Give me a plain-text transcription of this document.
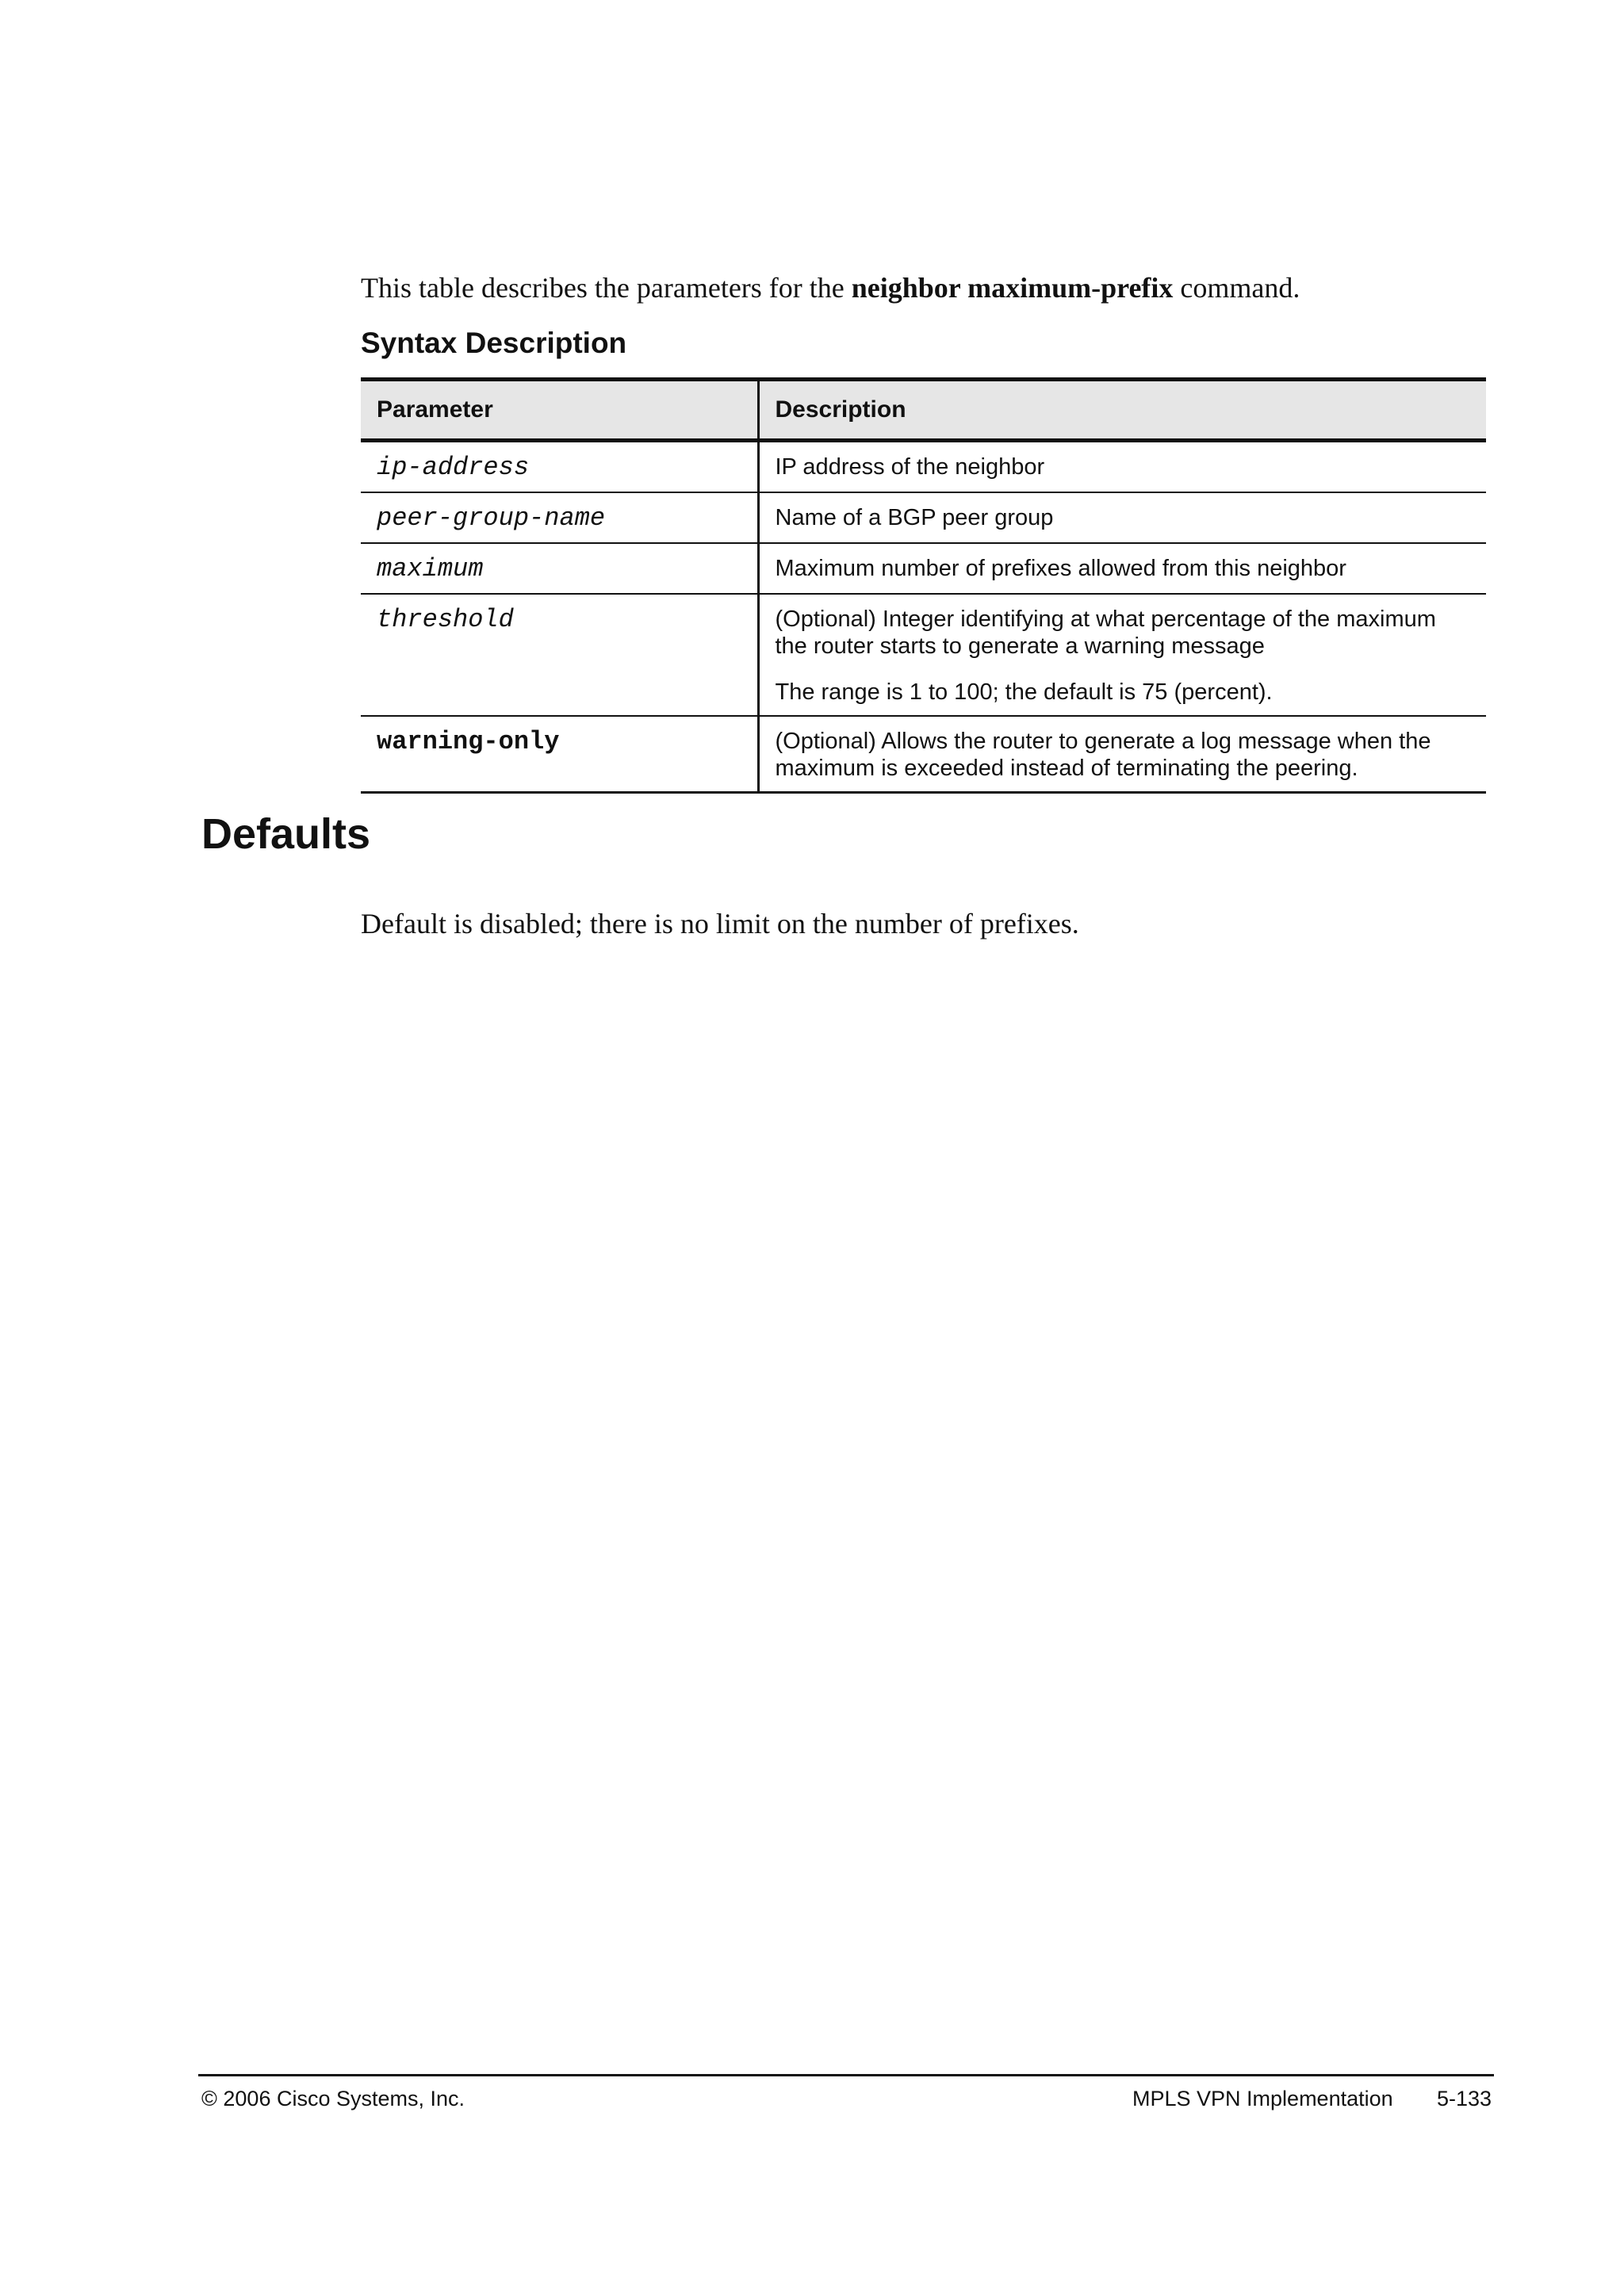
This table describes the parameters for the neighbor maximum-prefix command.

Syntax Description
Parameter	Description
ip-address	IP address of the neighbor

peer-group-name	Name of a BGP peer group

maximum	Maximum number of prefixes allowed from this neighbor

threshold	(Optional) Integer identifying at what percentage of the maximum the router starts to generate a warning message

The range is 1 to 100; the default is 75 (percent).

warning-only	(Optional) Allows the router to generate a log message when the maximum is exceeded instead of terminating the peering.

Defaults

Default is disabled; there is no limit on the number of prefixes.

© 2006 Cisco Systems, Inc.	MPLS VPN Implementation 5-133
